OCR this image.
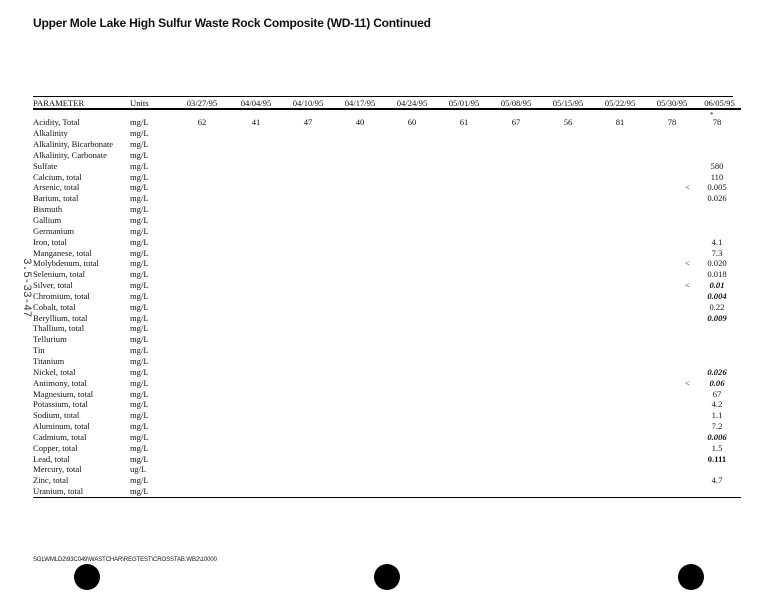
Upper Mole Lake High Sulfur Waste Rock Composite (WD-11) Continued
3.5-33-47
*
PARAMETER	Units	03/27/95	04/04/95	04/10/95	04/17/95	04/24/95	05/01/95	05/08/95	05/15/95	05/22/95	05/30/95	06/05/95
Acidity, Total	mg/L	62	41	47	40	60	61	67	56	81	78	78
Alkalinity	mg/L											
Alkalinity, Bicarbonate	mg/L											
Alkalinity, Carbonate	mg/L											
Sulfate	mg/L											580
Calcium, total	mg/L											110
Arsenic, total	mg/L											< 0.005
Barium, total	mg/L											0.026
Bismuth	mg/L											
Gallium	mg/L											
Germanium	mg/L											
Iron, total	mg/L											4.1
Manganese, total	mg/L											7.3
Molybdenum, total	mg/L											< 0.020
Selenium, total	mg/L											0.018
Silver, total	mg/L											< 0.01
Chromium, total	mg/L											0.004
Cobalt, total	mg/L											0.22
Beryllium, total	mg/L											0.009
Thallium, total	mg/L											
Tellurium	mg/L											
Tin	mg/L											
Titanium	mg/L											
Nickel, total	mg/L											0.026
Antimony, total	mg/L											< 0.06
Magnesium, total	mg/L											67
Potassium, total	mg/L											4.2
Sodium, total	mg/L											1.1
Aluminum, total	mg/L											7.2
Cadmium, total	mg/L											0.006
Copper, total	mg/L											1.5
Lead, total	mg/L											0.111
Mercury, total	ug/L											
Zinc, total	mg/L											4.7
Uranium, total	mg/L											
SGLWMLD2\93C049\WASTCHAR\REGTEST\CROSSTAB.WB2\10000
